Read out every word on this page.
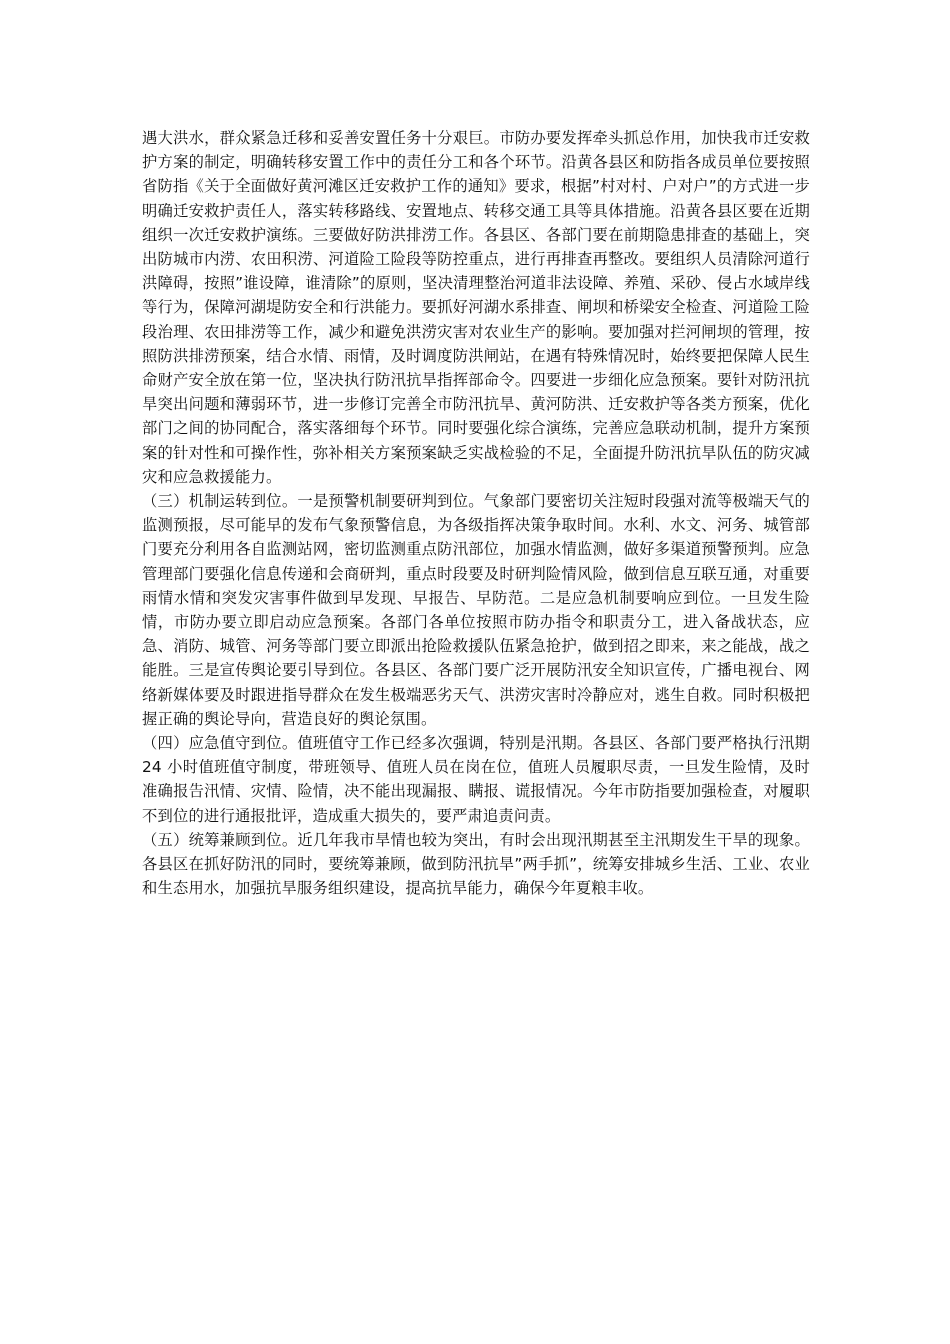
遇大洪水，群众紧急迁移和妥善安置任务十分艰巨。市防办要发挥牵头抓总作用，加快我市迁安救护方案的制定，明确转移安置工作中的责任分工和各个环节。沿黄各县区和防指各成员单位要按照省防指《关于全面做好黄河滩区迁安救护工作的通知》要求，根据”村对村、户对户”的方式进一步明确迁安救护责任人，落实转移路线、安置地点、转移交通工具等具体措施。沿黄各县区要在近期组织一次迁安救护演练。三要做好防洪排涝工作。各县区、各部门要在前期隐患排查的基础上，突出防城市内涝、农田积涝、河道险工险段等防控重点，进行再排查再整改。要组织人员清除河道行洪障碍，按照”谁设障，谁清除”的原则，坚决清理整治河道非法设障、养殖、采砂、侵占水域岸线等行为，保障河湖堤防安全和行洪能力。要抓好河湖水系排查、闸坝和桥梁安全检查、河道险工险段治理、农田排涝等工作，减少和避免洪涝灾害对农业生产的影响。要加强对拦河闸坝的管理，按照防洪排涝预案，结合水情、雨情，及时调度防洪闸站，在遇有特殊情况时，始终要把保障人民生命财产安全放在第一位，坚决执行防汛抗旱指挥部命令。四要进一步细化应急预案。要针对防汛抗旱突出问题和薄弱环节，进一步修订完善全市防汛抗旱、黄河防洪、迁安救护等各类方预案，优化部门之间的协同配合，落实落细每个环节。同时要强化综合演练，完善应急联动机制，提升方案预案的针对性和可操作性，弥补相关方案预案缺乏实战检验的不足，全面提升防汛抗旱队伍的防灾减灾和应急救援能力。

（三）机制运转到位。一是预警机制要研判到位。气象部门要密切关注短时段强对流等极端天气的监测预报，尽可能早的发布气象预警信息，为各级指挥决策争取时间。水利、水文、河务、城管部门要充分利用各自监测站网，密切监测重点防汛部位，加强水情监测，做好多渠道预警预判。应急管理部门要强化信息传递和会商研判，重点时段要及时研判险情风险，做到信息互联互通，对重要雨情水情和突发灾害事件做到早发现、早报告、早防范。二是应急机制要响应到位。一旦发生险情，市防办要立即启动应急预案。各部门各单位按照市防办指令和职责分工，进入备战状态，应急、消防、城管、河务等部门要立即派出抢险救援队伍紧急抢护，做到招之即来，来之能战，战之能胜。三是宣传舆论要引导到位。各县区、各部门要广泛开展防汛安全知识宣传，广播电视台、网络新媒体要及时跟进指导群众在发生极端恶劣天气、洪涝灾害时冷静应对，逃生自救。同时积极把握正确的舆论导向，营造良好的舆论氛围。

（四）应急值守到位。值班值守工作已经多次强调，特别是汛期。各县区、各部门要严格执行汛期 24 小时值班值守制度，带班领导、值班人员在岗在位，值班人员履职尽责，一旦发生险情，及时准确报告汛情、灾情、险情，决不能出现漏报、瞒报、谎报情况。今年市防指要加强检查，对履职不到位的进行通报批评，造成重大损失的，要严肃追责问责。

（五）统筹兼顾到位。近几年我市旱情也较为突出，有时会出现汛期甚至主汛期发生干旱的现象。各县区在抓好防汛的同时，要统筹兼顾，做到防汛抗旱”两手抓”，统筹安排城乡生活、工业、农业和生态用水，加强抗旱服务组织建设，提高抗旱能力，确保今年夏粮丰收。
